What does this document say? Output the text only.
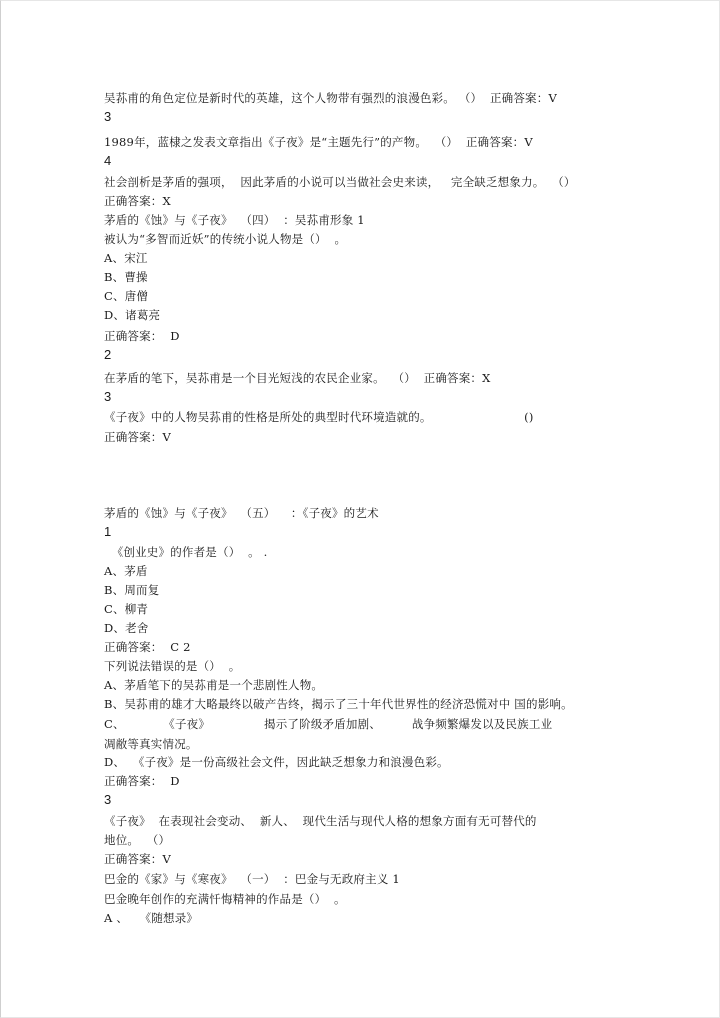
吴荪甫的角色定位是新时代的英雄，这个人物带有强烈的浪漫色彩。 （）  正确答案：V
3
1989年，蓝棣之发表文章指出《子夜》是“主题先行”的产物。  （）  正确答案：V
4
社会剖析是茅盾的强项，  因此茅盾的小说可以当做社会史来读，   完全缺乏想象力。  （）
正确答案：X
茅盾的《蚀》与《子夜》  （四）  ：吴荪甫形象 1
被认为“多智而近妖”的传统小说人物是（）  。
A、宋江
B、曹操
C、唐僧
D、诸葛亮
正确答案：  D
2
在茅盾的笔下，吴荪甫是一个目光短浅的农民企业家。  （）  正确答案：X
3
《子夜》中的人物吴荪甫的性格是所处的典型时代环境造就的。                        ()
正确答案：V
茅盾的《蚀》与《子夜》  （五）    ：《子夜》的艺术
1
《创业史》的作者是（）  。 .
A、茅盾
B、周而复
C、柳青
D、老舍
正确答案：  C 2
下列说法错误的是（）  。
A、茅盾笔下的吴荪甫是一个悲剧性人物。
B、吴荪甫的雄才大略最终以破产告终，揭示了三十年代世界性的经济恐慌对中 国的影响。
C、          《子夜》              揭示了阶级矛盾加剧、        战争频繁爆发以及民族工业
凋敝等真实情况。
D、  《子夜》是一份高级社会文件，因此缺乏想象力和浪漫色彩。
正确答案：  D
3
《子夜》  在表现社会变动、  新人、  现代生活与现代人格的想象方面有无可替代的
地位。  （）
正确答案：V
巴金的《家》与《寒夜》  （一）  ：巴金与无政府主义 1
巴金晚年创作的充满忏悔精神的作品是（）  。
A 、   《随想录》
